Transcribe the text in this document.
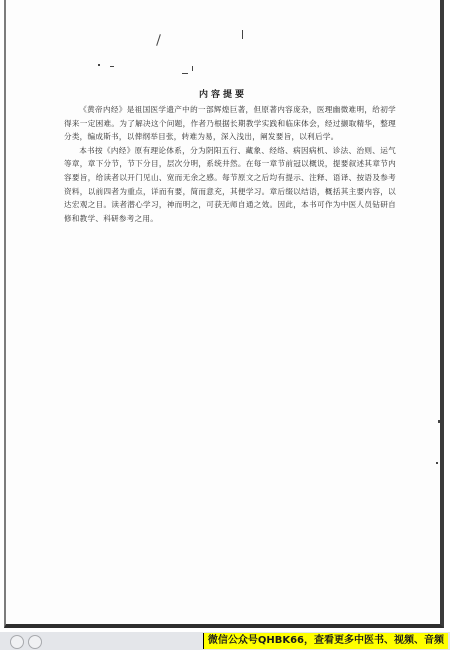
内容提要

《黄帝内经》是祖国医学遗产中的一部辉煌巨著，但原著内容庞杂，医理幽微难明，给初学得来一定困难。为了解决这个问题，作者乃根据长期教学实践和临床体会，经过撷取精华，整理分类，编成斯书，以俾纲举目张，转难为易，深入浅出，阐发要旨，以利后学。

本书按《内经》原有理论体系，分为阴阳五行、藏象、经络、病因病机、诊法、治则、运气等章，章下分节，节下分目，层次分明，系统井然。在每一章节前冠以概说，提要叙述其章节内容要旨，给读者以开门见山、宽而无余之感。每节原文之后均有提示、注释、语译、按语及参考资料，以前四者为重点，详而有要，简而意充，其便学习。章后缀以结语，概括其主要内容，以达宏观之目。读者潜心学习，神而明之，可获无师自通之效。因此，本书可作为中医人员钻研自修和教学、科研参考之用。

微信公众号QHBK66，查看更多中医书、视频、音频
